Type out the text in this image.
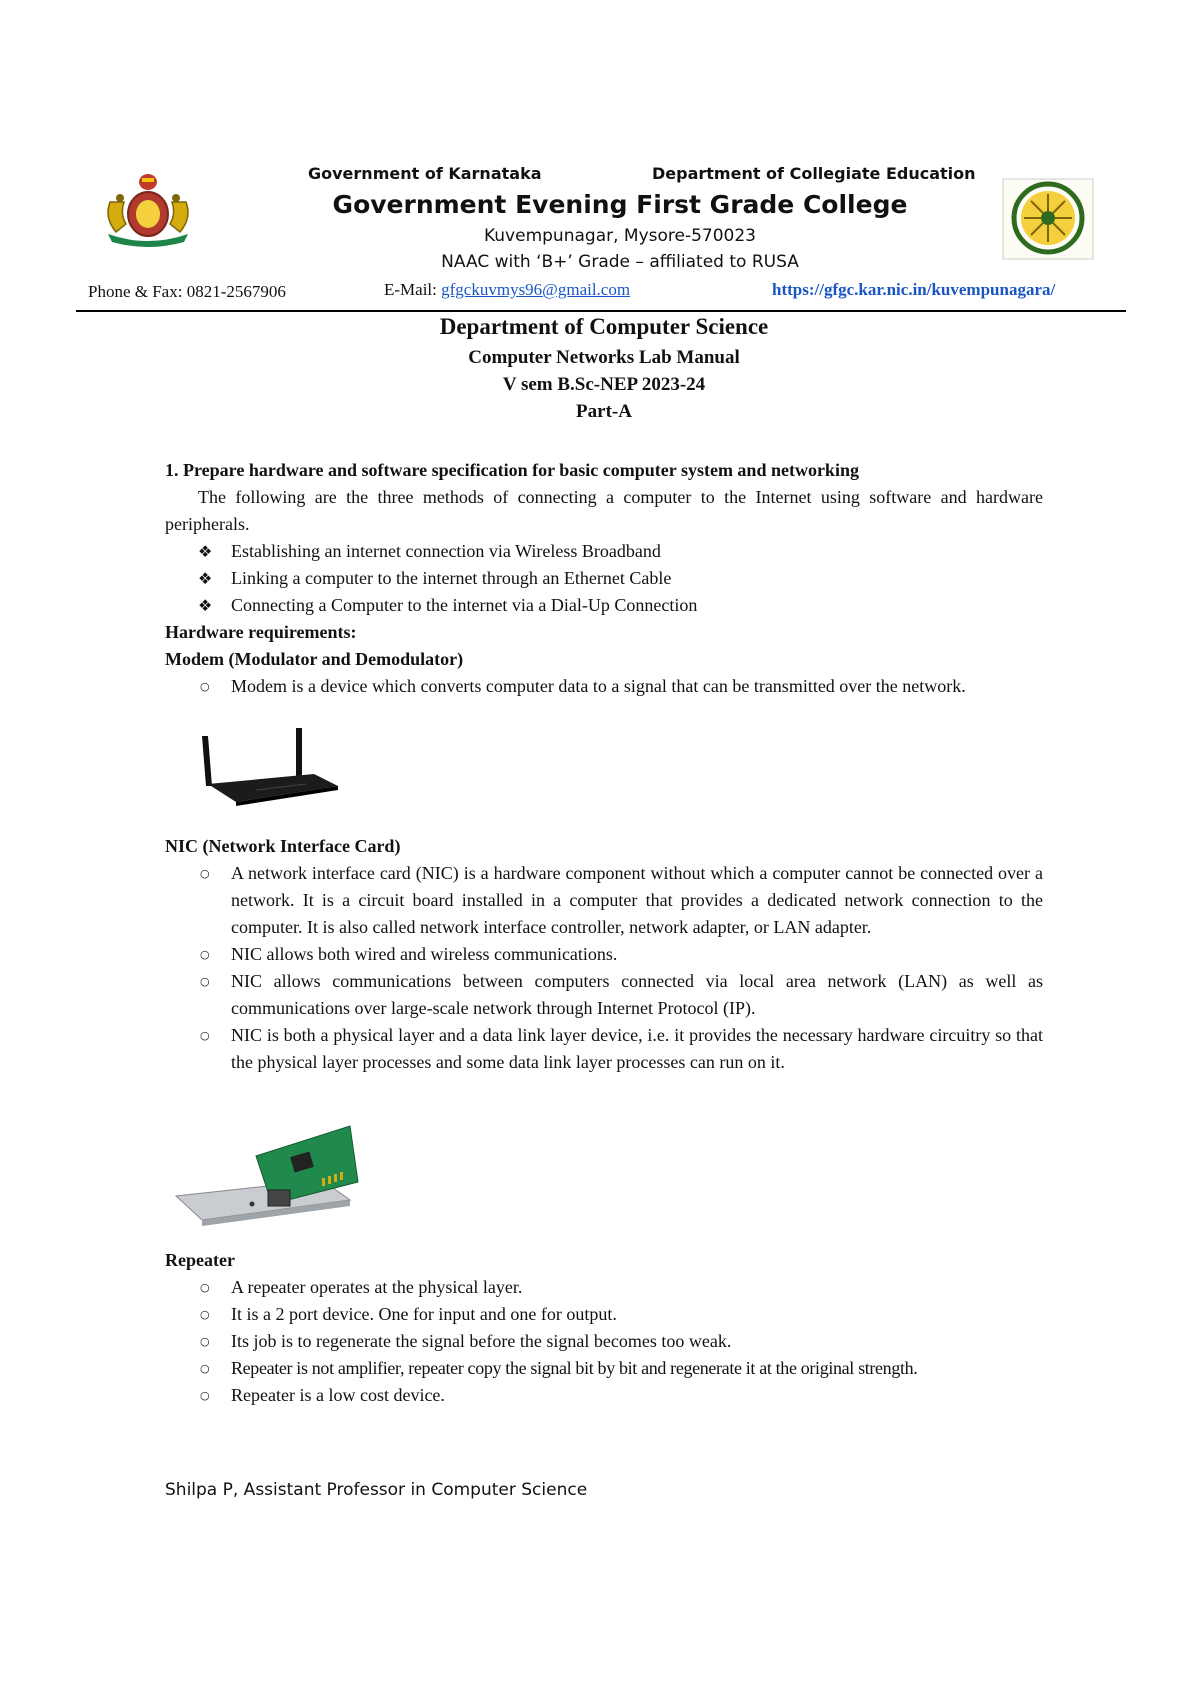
Government of Karnataka	Department of Collegiate Education
Government Evening First Grade College
Kuvempunagar, Mysore-570023
NAAC with ‘B+’ Grade – affiliated to RUSA
Phone & Fax: 0821-2567906	E-Mail: gfgckuvmys96@gmail.com	https://gfgc.kar.nic.in/kuvempunagara/
Department of Computer Science
Computer Networks Lab Manual
V sem B.Sc-NEP 2023-24
Part-A
1. Prepare hardware and software specification for basic computer system and networking
The following are the three methods of connecting a computer to the Internet using software and hardware peripherals.
❖ Establishing an internet connection via Wireless Broadband
❖ Linking a computer to the internet through an Ethernet Cable
❖ Connecting a Computer to the internet via a Dial-Up Connection
Hardware requirements:
Modem (Modulator and Demodulator)
○ Modem is a device which converts computer data to a signal that can be transmitted over the network.
NIC (Network Interface Card)
○ A network interface card (NIC) is a hardware component without which a computer cannot be connected over a network. It is a circuit board installed in a computer that provides a dedicated network connection to the computer. It is also called network interface controller, network adapter, or LAN adapter.
○ NIC allows both wired and wireless communications.
○ NIC allows communications between computers connected via local area network (LAN) as well as communications over large-scale network through Internet Protocol (IP).
○ NIC is both a physical layer and a data link layer device, i.e. it provides the necessary hardware circuitry so that the physical layer processes and some data link layer processes can run on it.
Repeater
○ A repeater operates at the physical layer.
○ It is a 2 port device. One for input and one for output.
○ Its job is to regenerate the signal before the signal becomes too weak.
○ Repeater is not amplifier, repeater copy the signal bit by bit and regenerate it at the original strength.
○ Repeater is a low cost device.
Shilpa P, Assistant Professor in Computer Science
